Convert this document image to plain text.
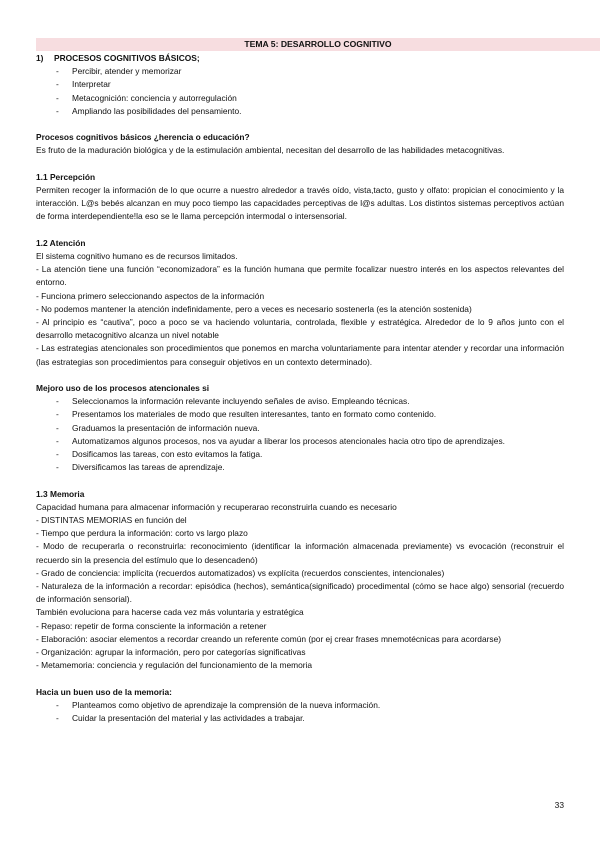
TEMA 5: DESARROLLO COGNITIVO
1) PROCESOS COGNITIVOS BÁSICOS;
- Percibir, atender y memorizar
- Interpretar
- Metacognición: conciencia y autorregulación
- Ampliando las posibilidades del pensamiento.

Procesos cognitivos básicos ¿herencia o educación?

Es fruto de la maduración biológica y de la estimulación ambiental, necesitan del desarrollo de las habilidades metacognitivas.

1.1 Percepción

Permiten recoger la información de lo que ocurre a nuestro alrededor a través oído, vista,tacto, gusto y olfato: propician el conocimiento y la interacción. L@s bebés alcanzan en muy poco tiempo las capacidades perceptivas de l@s adultas. Los distintos sistemas perceptivos actúan de forma interdependiente!la eso se le llama percepción intermodal o intersensorial.

1.2 Atención

El sistema cognitivo humano es de recursos limitados.

- La atención tiene una función “economizadora” es la función humana que permite focalizar nuestro interés en los aspectos relevantes del entorno.

- Funciona primero seleccionando aspectos de la información

- No podemos mantener la atención indefinidamente, pero a veces es necesario sostenerla (es la atención sostenida)

- Al principio es “cautiva”, poco a poco se va haciendo voluntaria, controlada, flexible y estratégica. Alrededor de lo 9 años junto con el desarrollo metacognitivo alcanza un nivel notable

- Las estrategias atencionales son procedimientos que ponemos en marcha voluntariamente para intentar atender y recordar una información (las estrategias son procedimientos para conseguir objetivos en un contexto determinado).

Mejoro uso de los procesos atencionales si

- Seleccionamos la información relevante incluyendo señales de aviso. Empleando técnicas.
- Presentamos los materiales de modo que resulten interesantes, tanto en formato como contenido.
- Graduamos la presentación de información nueva.
- Automatizamos algunos procesos, nos va ayudar a liberar los procesos atencionales hacia otro tipo de aprendizajes.
- Dosificamos las tareas, con esto evitamos la fatiga.
- Diversificamos las tareas de aprendizaje.

1.3 Memoria

Capacidad humana para almacenar información y recuperarao reconstruirla cuando es necesario

- DISTINTAS MEMORIAS en función del

- Tiempo que perdura la información: corto vs largo plazo

- Modo de recuperarla o reconstruirla: reconocimiento (identificar la información almacenada previamente) vs evocación (reconstruir el recuerdo sin la presencia del estímulo que lo desencadenó)

- Grado de conciencia: implícita (recuerdos automatizados) vs explícita (recuerdos conscientes, intencionales)

- Naturaleza de la información a recordar: episódica (hechos), semántica(significado) procedimental (cómo se hace algo) sensorial (recuerdo de información sensorial).

También evoluciona para hacerse cada vez más voluntaria y estratégica

- Repaso: repetir de forma consciente la información a retener

- Elaboración: asociar elementos a recordar creando un referente común (por ej crear frases mnemotécnicas para acordarse)

- Organización: agrupar la información, pero por categorías significativas

- Metamemoria: conciencia y regulación del funcionamiento de la memoria

Hacia un buen uso de la memoria:

- Planteamos como objetivo de aprendizaje la comprensión de la nueva información.
- Cuidar la presentación del material y las actividades a trabajar.
33
